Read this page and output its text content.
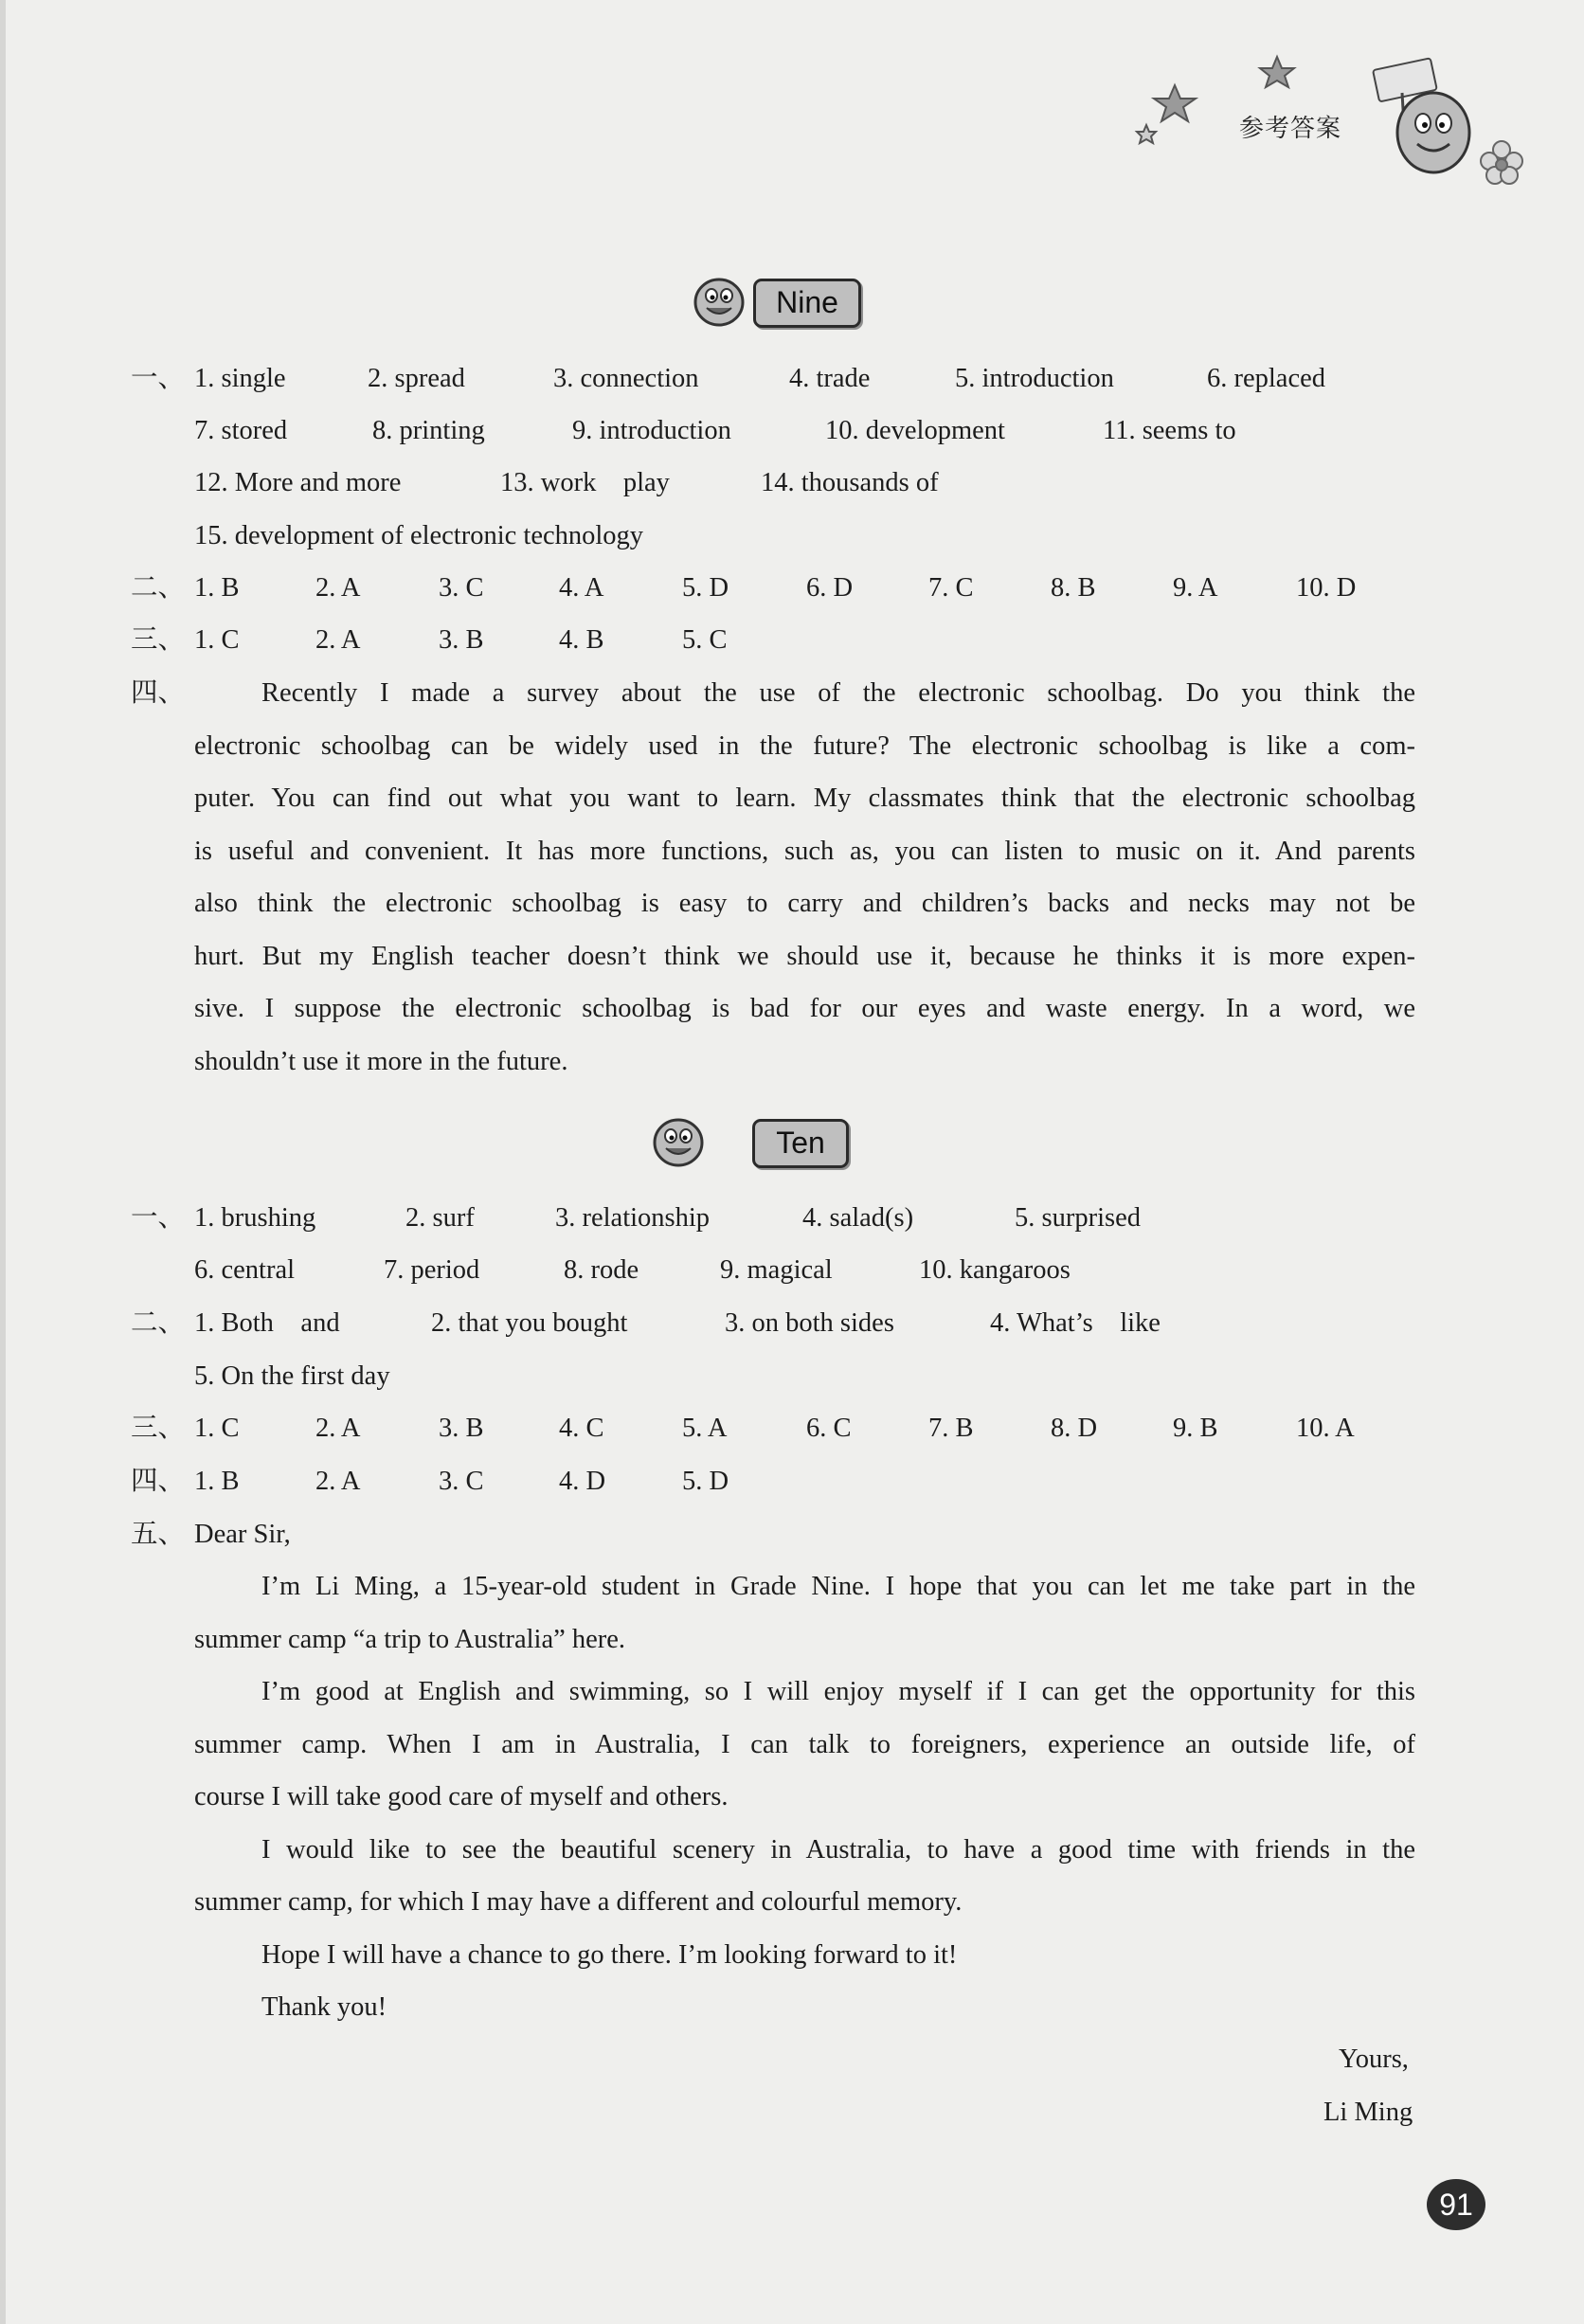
参考答案
Nine
一、 1. single	2. spread	3. connection	4. trade	5. introduction	6. replaced
7. stored	8. printing	9. introduction	10. development	11. seems to
12. More and more	13. work　play	14. thousands of
15. development of electronic technology
二、 1. B	2. A	3. C	4. A	5. D	6. D	7. C	8. B	9. A	10. D
三、 1. C	2. A	3. B	4. B	5. C
四、	Recently I made a survey about the use of the electronic schoolbag. Do you think the
electronic schoolbag can be widely used in the future? The electronic schoolbag is like a com-
puter. You can find out what you want to learn. My classmates think that the electronic schoolbag
is useful and convenient. It has more functions, such as, you can listen to music on it. And parents
also think the electronic schoolbag is easy to carry and children’s backs and necks may not be
hurt. But my English teacher doesn’t think we should use it, because he thinks it is more expen-
sive. I suppose the electronic schoolbag is bad for our eyes and waste energy. In a word, we
shouldn’t use it more in the future.
Ten
一、 1. brushing	2. surf	3. relationship	4. salad(s)	5. surprised
6. central	7. period	8. rode	9. magical	10. kangaroos
二、 1. Both　and	2. that you bought	3. on both sides	4. What’s　like
5. On the first day
三、 1. C	2. A	3. B	4. C	5. A	6. C	7. B	8. D	9. B	10. A
四、 1. B	2. A	3. C	4. D	5. D
五、 Dear Sir,
I’m Li Ming, a 15-year-old student in Grade Nine. I hope that you can let me take part in the
summer camp “a trip to Australia” here.
I’m good at English and swimming, so I will enjoy myself if I can get the opportunity for this
summer camp. When I am in Australia, I can talk to foreigners, experience an outside life, of
course I will take good care of myself and others.
I would like to see the beautiful scenery in Australia, to have a good time with friends in the
summer camp, for which I may have a different and colourful memory.
Hope I will have a chance to go there. I’m looking forward to it!
Thank you!
Yours,
Li Ming
91
